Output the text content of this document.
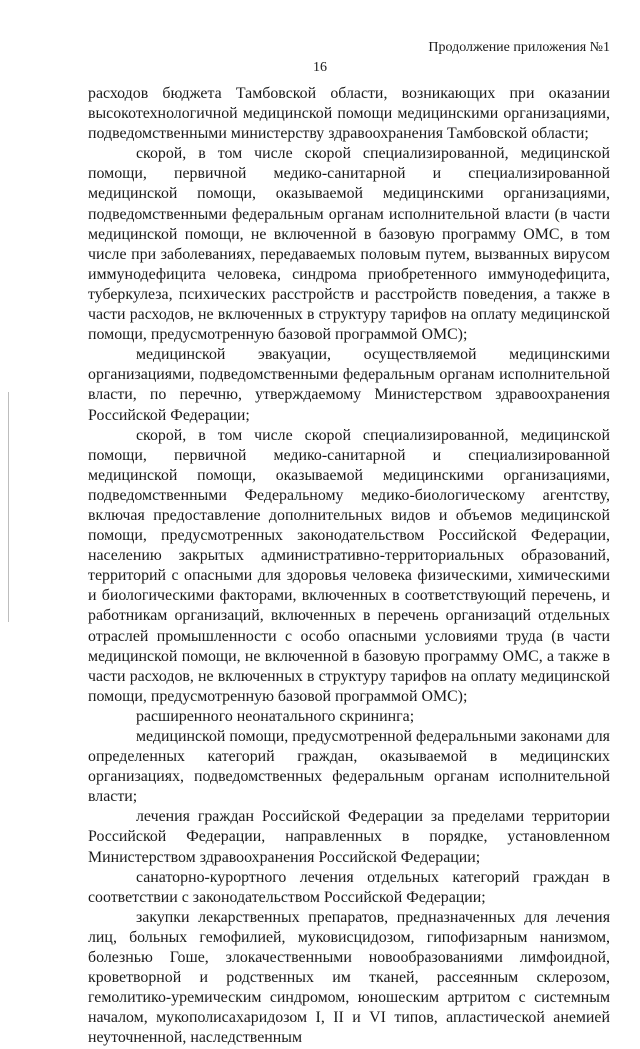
Продолжение приложения №1
16

расходов бюджета Тамбовской области, возникающих при оказании высокотехнологичной медицинской помощи медицинскими организациями, подведомственными министерству здравоохранения Тамбовской области;

скорой, в том числе скорой специализированной, медицинской помощи, первичной медико-санитарной и специализированной медицинской помощи, оказываемой медицинскими организациями, подведомственными федеральным органам исполнительной власти (в части медицинской помощи, не включенной в базовую программу ОМС, в том числе при заболеваниях, передаваемых половым путем, вызванных вирусом иммунодефицита человека, синдрома приобретенного иммунодефицита, туберкулеза, психических расстройств и расстройств поведения, а также в части расходов, не включенных в структуру тарифов на оплату медицинской помощи, предусмотренную базовой программой ОМС);

медицинской эвакуации, осуществляемой медицинскими организациями, подведомственными федеральным органам исполнительной власти, по перечню, утверждаемому Министерством здравоохранения Российской Федерации;

скорой, в том числе скорой специализированной, медицинской помощи, первичной медико-санитарной и специализированной медицинской помощи, оказываемой медицинскими организациями, подведомственными Федеральному медико-биологическому агентству, включая предоставление дополнительных видов и объемов медицинской помощи, предусмотренных законодательством Российской Федерации, населению закрытых административно-территориальных образований, территорий с опасными для здоровья человека физическими, химическими и биологическими факторами, включенных в соответствующий перечень, и работникам организаций, включенных в перечень организаций отдельных отраслей промышленности с особо опасными условиями труда (в части медицинской помощи, не включенной в базовую программу ОМС, а также в части расходов, не включенных в структуру тарифов на оплату медицинской помощи, предусмотренную базовой программой ОМС);

расширенного неонатального скрининга;

медицинской помощи, предусмотренной федеральными законами для определенных категорий граждан, оказываемой в медицинских организациях, подведомственных федеральным органам исполнительной власти;

лечения граждан Российской Федерации за пределами территории Российской Федерации, направленных в порядке, установленном Министерством здравоохранения Российской Федерации;

санаторно-курортного лечения отдельных категорий граждан в соответствии с законодательством Российской Федерации;

закупки лекарственных препаратов, предназначенных для лечения лиц, больных гемофилией, муковисцидозом, гипофизарным нанизмом, болезнью Гоше, злокачественными новообразованиями лимфоидной, кроветворной и родственных им тканей, рассеянным склерозом, гемолитико-уремическим синдромом, юношеским артритом с системным началом, мукополисахаридозом I, II и VI типов, апластической анемией неуточненной, наследственным
